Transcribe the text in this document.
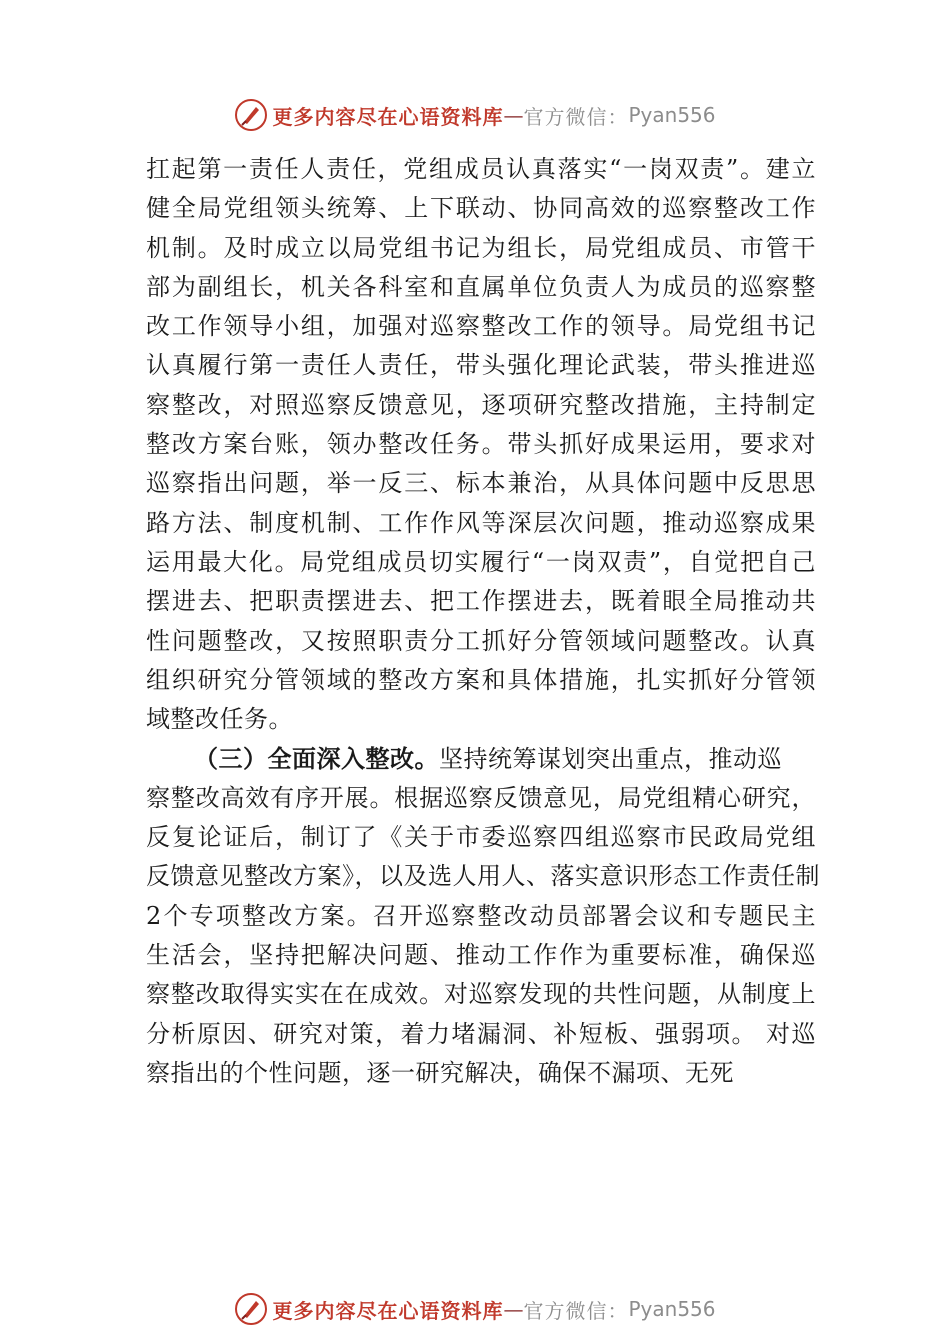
更多内容尽在心语资料库 — 官方微信： Pyan556
扛起第一责任人责任，党组成员认真落实“一岗双责”。建立
健全局党组领头统筹、上下联动、协同高效的巡察整改工作
机制。及时成立以局党组书记为组长，局党组成员、市管干
部为副组长，机关各科室和直属单位负责人为成员的巡察整
改工作领导小组，加强对巡察整改工作的领导。局党组书记
认真履行第一责任人责任，带头强化理论武装，带头推进巡
察整改，对照巡察反馈意见，逐项研究整改措施，主持制定
整改方案台账，领办整改任务。带头抓好成果运用，要求对
巡察指出问题，举一反三、标本兼治，从具体问题中反思思
路方法、制度机制、工作作风等深层次问题，推动巡察成果
运用最大化。局党组成员切实履行“一岗双责”，自觉把自己
摆进去、把职责摆进去、把工作摆进去，既着眼全局推动共
性问题整改，又按照职责分工抓好分管领域问题整改。认真
组织研究分管领域的整改方案和具体措施，扎实抓好分管领
域整改任务。
（三）全面深入整改。坚持统筹谋划突出重点，推动巡
察整改高效有序开展。根据巡察反馈意见，局党组精心研究，
反复论证后，制订了《关于市委巡察四组巡察市民政局党组
反馈意见整改方案》，以及选人用人、落实意识形态工作责任制
2个专项整改方案。召开巡察整改动员部署会议和专题民主
生活会，坚持把解决问题、推动工作作为重要标准，确保巡
察整改取得实实在在成效。对巡察发现的共性问题，从制度上
分析原因、研究对策，着力堵漏洞、补短板、强弱项。 对巡
察指出的个性问题，逐一研究解决，确保不漏项、无死
更多内容尽在心语资料库 — 官方微信： Pyan556
